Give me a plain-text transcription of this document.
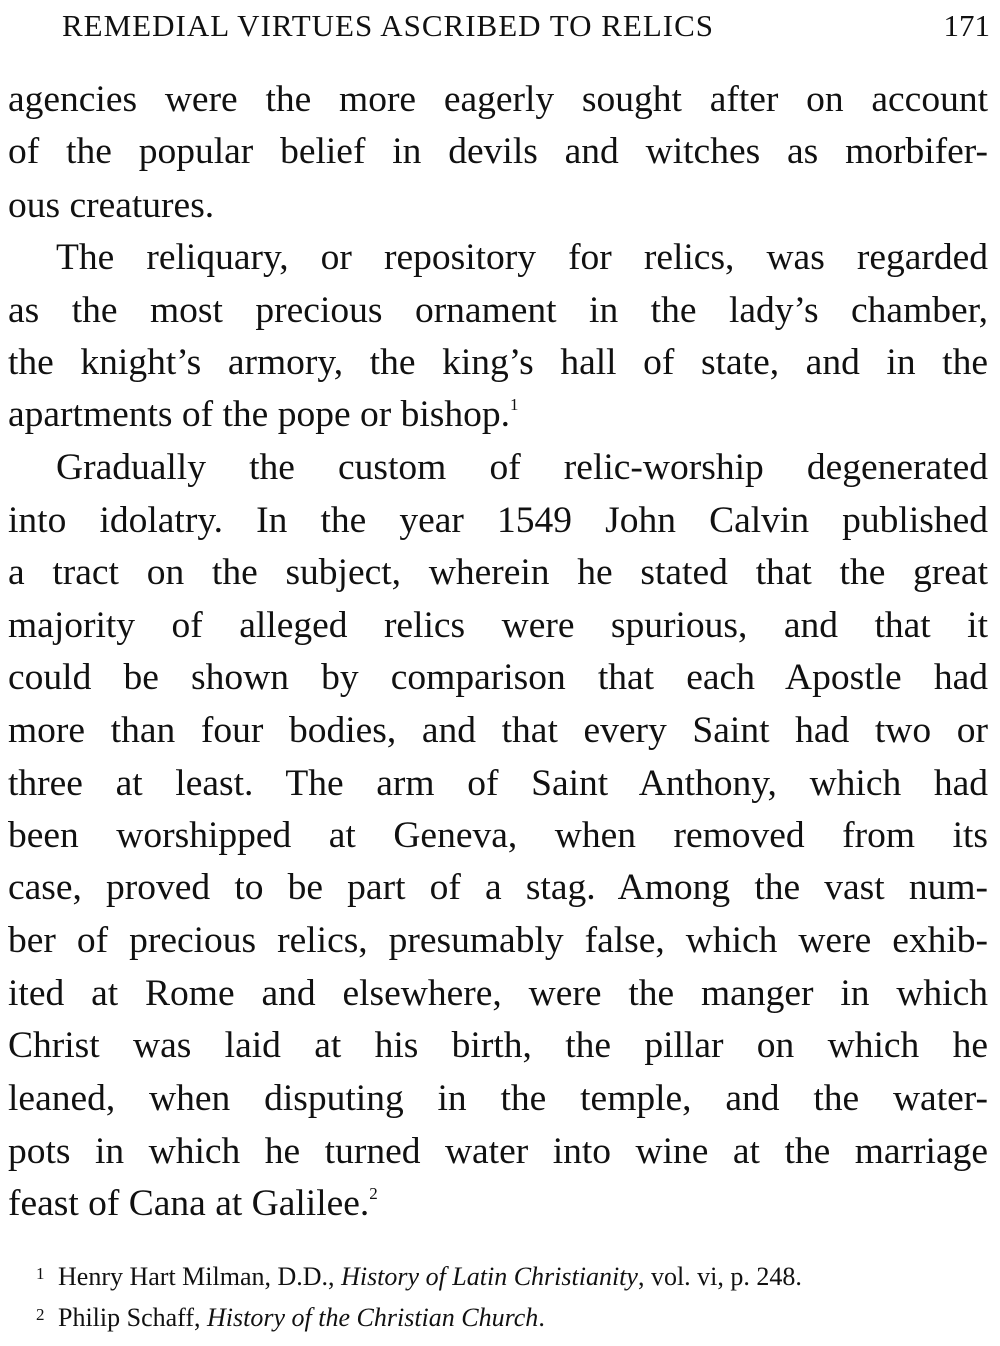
REMEDIAL VIRTUES ASCRIBED TO RELICS	171
agencies were the more eagerly sought after on account
of the popular belief in devils and witches as morbifer-
ous creatures.
The reliquary, or repository for relics, was regarded
as the most precious ornament in the lady’s chamber,
the knight’s armory, the king’s hall of state, and in the
apartments of the pope or bishop.$^1$
Gradually the custom of relic-worship degenerated
into idolatry. In the year 1549 John Calvin published
a tract on the subject, wherein he stated that the great
majority of alleged relics were spurious, and that it
could be shown by comparison that each Apostle had
more than four bodies, and that every Saint had two or
three at least. The arm of Saint Anthony, which had
been worshipped at Geneva, when removed from its
case, proved to be part of a stag. Among the vast num-
ber of precious relics, presumably false, which were exhib-
ited at Rome and elsewhere, were the manger in which
Christ was laid at his birth, the pillar on which he
leaned, when disputing in the temple, and the water-
pots in which he turned water into wine at the marriage
feast of Cana at Galilee.$^2$
1 Henry Hart Milman, D.D., History of Latin Christianity, vol. vi, p. 248.
2 Philip Schaff, History of the Christian Church.
